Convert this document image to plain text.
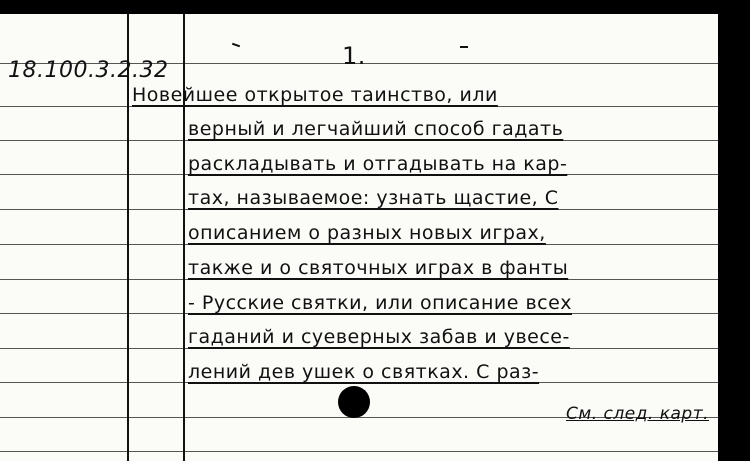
18.100.3.2.32
1.
Новейшее открытое таинство, или
верный и легчайший способ гадать
раскладывать и отгадывать на кар-
тах, называемое: узнать щастие, С
описанием о разных новых играх,
также и о святочных играх в фанты
- Русские святки, или описание всех
гаданий и суеверных забав и увесе-
лений дев ушек о святках. С раз-
См. след. карт.
